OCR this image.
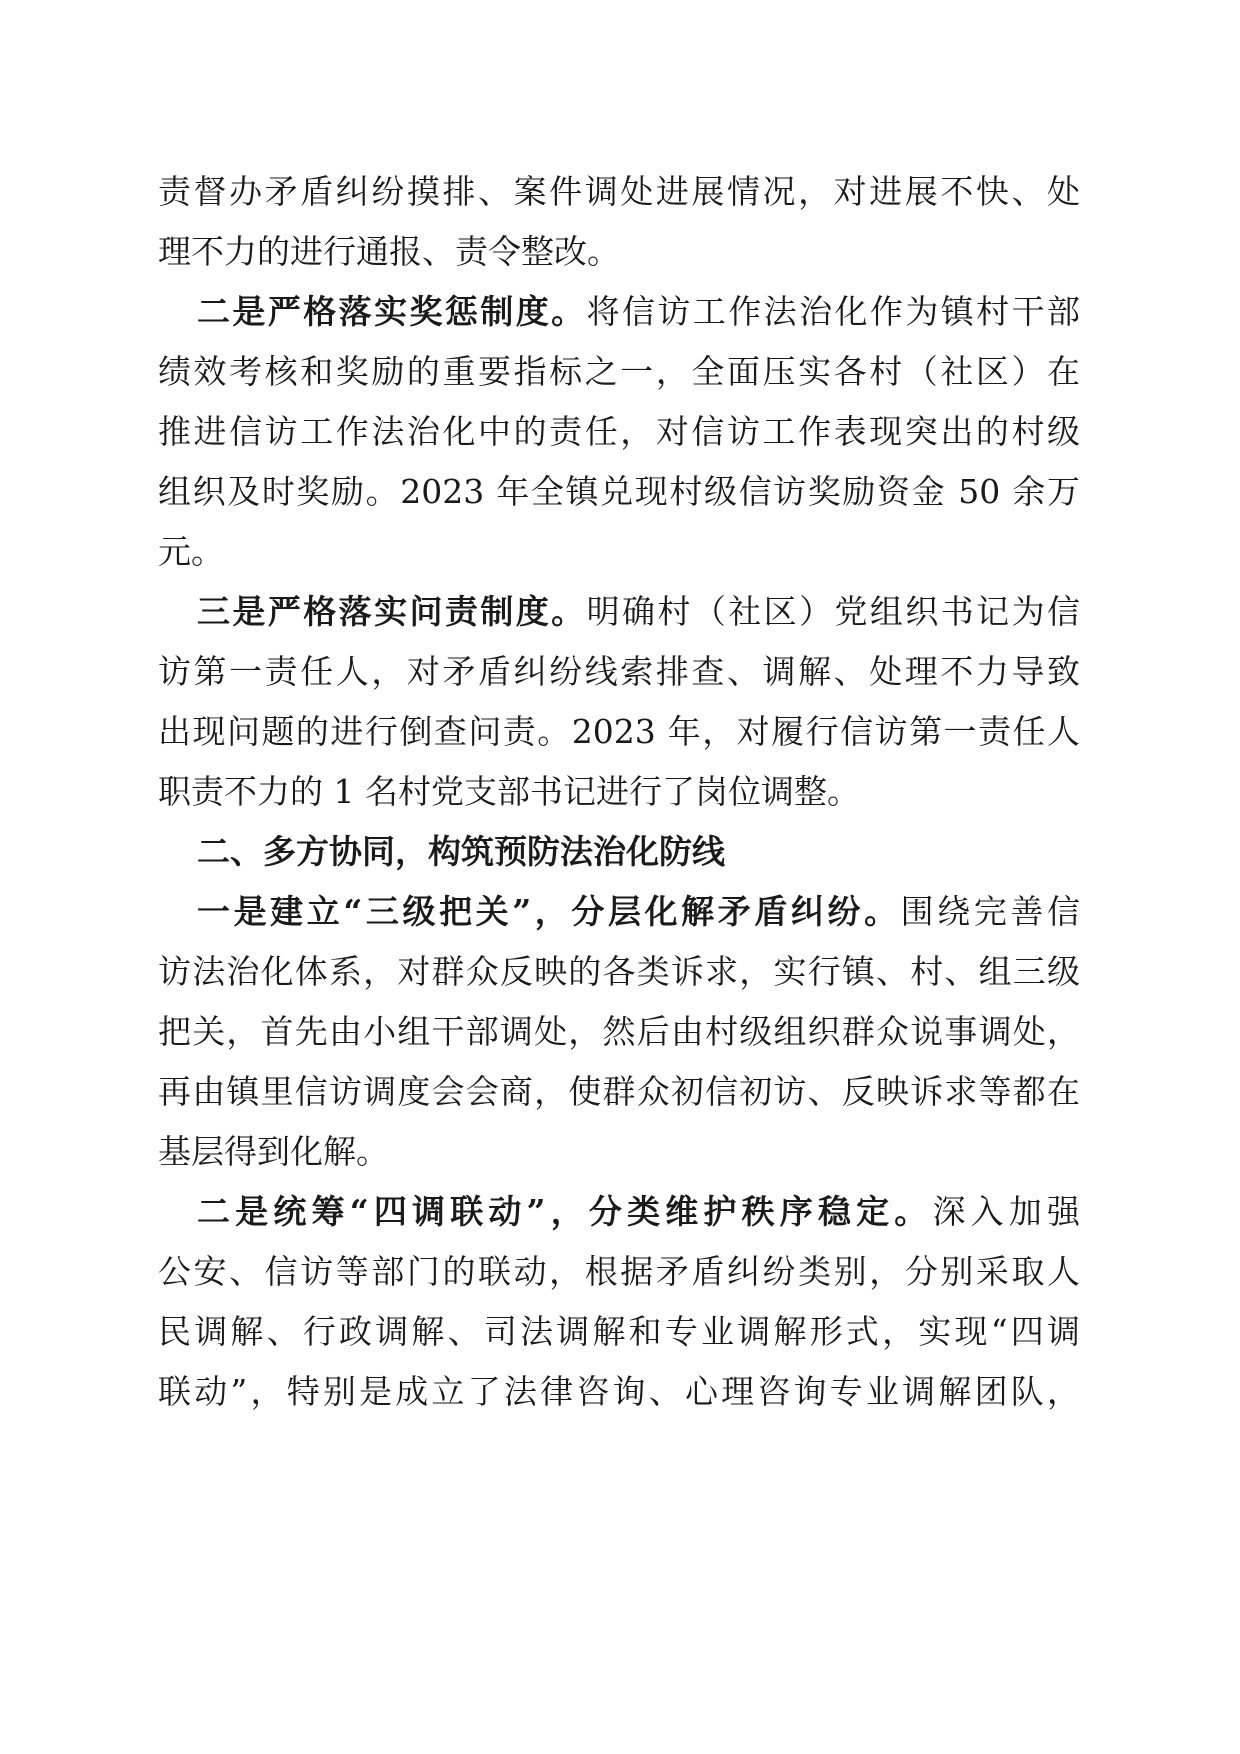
责督办矛盾纠纷摸排、案件调处进展情况，对进展不快、处
理不力的进行通报、责令整改。
二是严格落实奖惩制度。将信访工作法治化作为镇村干部
绩效考核和奖励的重要指标之一，全面压实各村（社区）在
推进信访工作法治化中的责任，对信访工作表现突出的村级
组织及时奖励。2023 年全镇兑现村级信访奖励资金 50 余万
元。
三是严格落实问责制度。明确村（社区）党组织书记为信
访第一责任人，对矛盾纠纷线索排查、调解、处理不力导致
出现问题的进行倒查问责。2023 年，对履行信访第一责任人
职责不力的 1 名村党支部书记进行了岗位调整。
二、多方协同，构筑预防法治化防线
一是建立“三级把关”，分层化解矛盾纠纷。围绕完善信
访法治化体系，对群众反映的各类诉求，实行镇、村、组三级
把关，首先由小组干部调处，然后由村级组织群众说事调处，
再由镇里信访调度会会商，使群众初信初访、反映诉求等都在
基层得到化解。
二是统筹“四调联动”，分类维护秩序稳定。深入加强
公安、信访等部门的联动，根据矛盾纠纷类别，分别采取人
民调解、行政调解、司法调解和专业调解形式，实现“四调
联动”，特别是成立了法律咨询、心理咨询专业调解团队，
